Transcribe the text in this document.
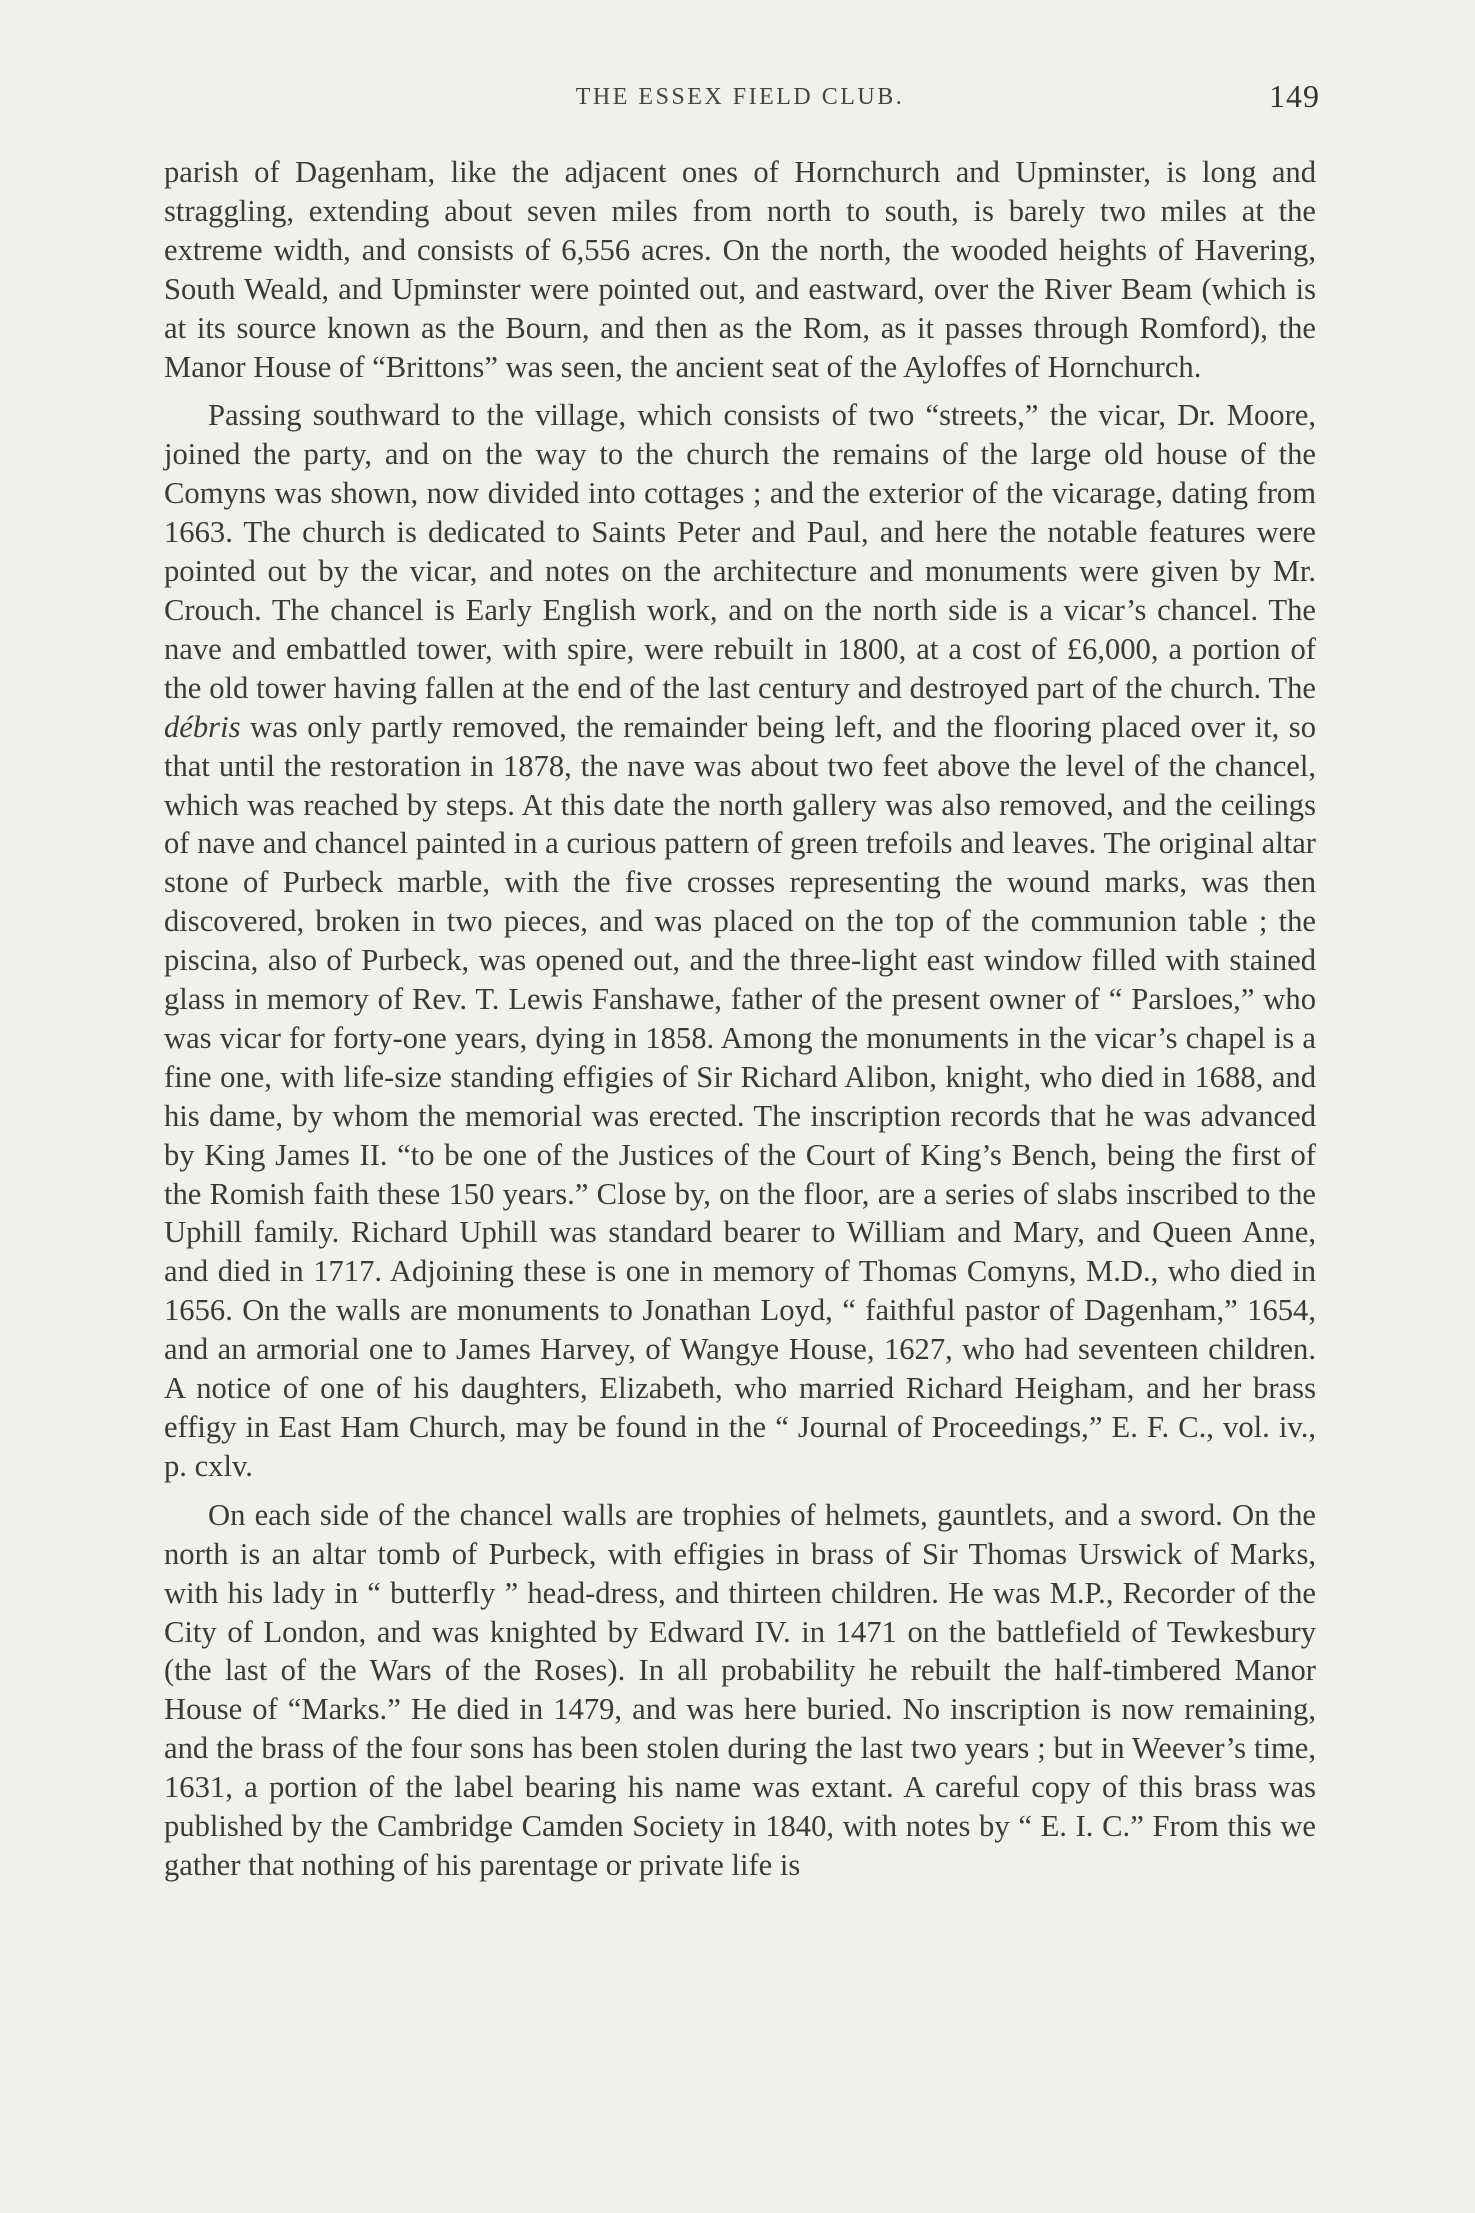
THE ESSEX FIELD CLUB.	149

parish of Dagenham, like the adjacent ones of Hornchurch and Upminster, is long and straggling, extending about seven miles from north to south, is barely two miles at the extreme width, and consists of 6,556 acres. On the north, the wooded heights of Havering, South Weald, and Upminster were pointed out, and eastward, over the River Beam (which is at its source known as the Bourn, and then as the Rom, as it passes through Romford), the Manor House of “Brittons” was seen, the ancient seat of the Ayloffes of Hornchurch.

Passing southward to the village, which consists of two “streets,” the vicar, Dr. Moore, joined the party, and on the way to the church the remains of the large old house of the Comyns was shown, now divided into cottages ; and the exterior of the vicarage, dating from 1663. The church is dedicated to Saints Peter and Paul, and here the notable features were pointed out by the vicar, and notes on the architecture and monuments were given by Mr. Crouch. The chancel is Early English work, and on the north side is a vicar’s chancel. The nave and embattled tower, with spire, were rebuilt in 1800, at a cost of £6,000, a portion of the old tower having fallen at the end of the last century and destroyed part of the church. The débris was only partly removed, the remainder being left, and the flooring placed over it, so that until the restoration in 1878, the nave was about two feet above the level of the chancel, which was reached by steps. At this date the north gallery was also removed, and the ceilings of nave and chancel painted in a curious pattern of green trefoils and leaves. The original altar stone of Purbeck marble, with the five crosses representing the wound marks, was then discovered, broken in two pieces, and was placed on the top of the communion table ; the piscina, also of Purbeck, was opened out, and the three-light east window filled with stained glass in memory of Rev. T. Lewis Fanshawe, father of the present owner of “ Parsloes,” who was vicar for forty-one years, dying in 1858. Among the monuments in the vicar’s chapel is a fine one, with life-size standing effigies of Sir Richard Alibon, knight, who died in 1688, and his dame, by whom the memorial was erected. The inscription records that he was advanced by King James II. “to be one of the Justices of the Court of King’s Bench, being the first of the Romish faith these 150 years.” Close by, on the floor, are a series of slabs inscribed to the Uphill family. Richard Uphill was standard bearer to William and Mary, and Queen Anne, and died in 1717. Adjoining these is one in memory of Thomas Comyns, M.D., who died in 1656. On the walls are monuments to Jonathan Loyd, “ faithful pastor of Dagenham,” 1654, and an armorial one to James Harvey, of Wangye House, 1627, who had seventeen children. A notice of one of his daughters, Elizabeth, who married Richard Heigham, and her brass effigy in East Ham Church, may be found in the “ Journal of Proceedings,” E. F. C., vol. iv., p. cxlv.

On each side of the chancel walls are trophies of helmets, gauntlets, and a sword. On the north is an altar tomb of Purbeck, with effigies in brass of Sir Thomas Urswick of Marks, with his lady in “ butterfly ” head-dress, and thirteen children. He was M.P., Recorder of the City of London, and was knighted by Edward IV. in 1471 on the battlefield of Tewkesbury (the last of the Wars of the Roses). In all probability he rebuilt the half-timbered Manor House of “Marks.” He died in 1479, and was here buried. No inscription is now remaining, and the brass of the four sons has been stolen during the last two years ; but in Weever’s time, 1631, a portion of the label bearing his name was extant. A careful copy of this brass was published by the Cambridge Camden Society in 1840, with notes by “ E. I. C.” From this we gather that nothing of his parentage or private life is
